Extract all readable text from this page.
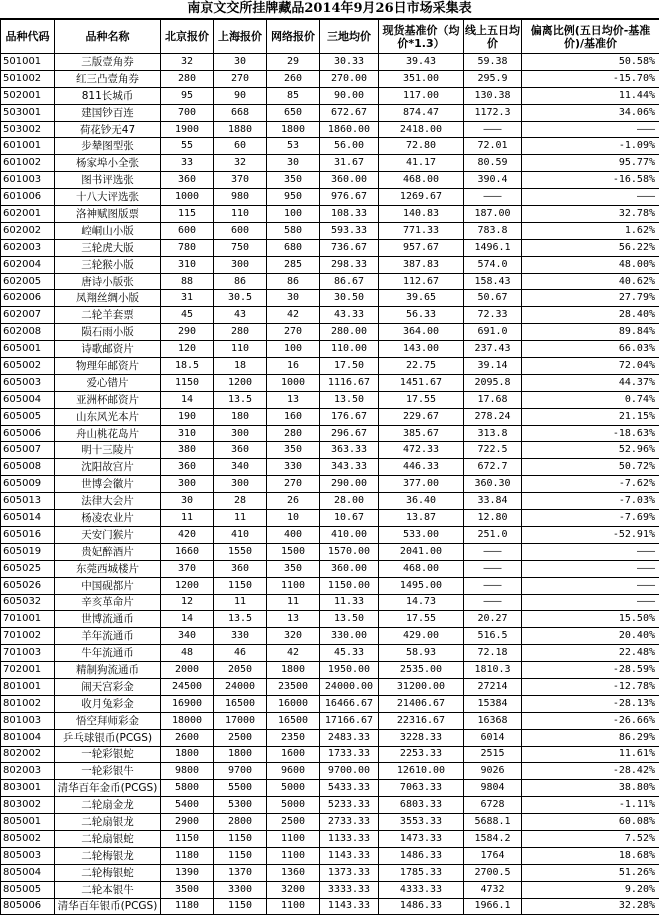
南京文交所挂牌藏品2014年9月26日市场采集表
品种代码	品种名称	北京报价	上海报价	网络报价	三地均价	现货基准价（均价*1.3）	线上五日均价	偏离比例(五日均价-基准价)/基准价
501001	三版壹角券	32	30	29	30.33	39.43	59.38	50.58%
501002	红三凸壹角券	280	270	260	270.00	351.00	295.9	-15.70%
502001	811长城币	95	90	85	90.00	117.00	130.38	11.44%
503001	建国钞百连	700	668	650	672.67	874.47	1172.3	34.06%
503002	荷花钞无47	1900	1880	1800	1860.00	2418.00	———	———
601001	步辇图型张	55	60	53	56.00	72.80	72.01	-1.09%
601002	杨家埠小全张	33	32	30	31.67	41.17	80.59	95.77%
601003	图书评选张	360	370	350	360.00	468.00	390.4	-16.58%
601006	十八大评选张	1000	980	950	976.67	1269.67	———	———
602001	洛神赋图版票	115	110	100	108.33	140.83	187.00	32.78%
602002	崆峒山小版	600	600	580	593.33	771.33	783.8	1.62%
602003	三轮虎大版	780	750	680	736.67	957.67	1496.1	56.22%
602004	三轮猴小版	310	300	285	298.33	387.83	574.0	48.00%
602005	唐诗小版张	88	86	86	86.67	112.67	158.43	40.62%
602006	凤翔丝绸小版	31	30.5	30	30.50	39.65	50.67	27.79%
602007	二轮羊套票	45	43	42	43.33	56.33	72.33	28.40%
602008	陨石雨小版	290	280	270	280.00	364.00	691.0	89.84%
605001	诗歌邮资片	120	110	100	110.00	143.00	237.43	66.03%
605002	物理年邮资片	18.5	18	16	17.50	22.75	39.14	72.04%
605003	爱心错片	1150	1200	1000	1116.67	1451.67	2095.8	44.37%
605004	亚洲杯邮资片	14	13.5	13	13.50	17.55	17.68	0.74%
605005	山东风光本片	190	180	160	176.67	229.67	278.24	21.15%
605006	舟山桃花岛片	310	300	280	296.67	385.67	313.8	-18.63%
605007	明十三陵片	380	360	350	363.33	472.33	722.5	52.96%
605008	沈阳故宫片	360	340	330	343.33	446.33	672.7	50.72%
605009	世博会徽片	300	300	270	290.00	377.00	360.30	-7.62%
605013	法律大会片	30	28	26	28.00	36.40	33.84	-7.03%
605014	杨凌农业片	11	11	10	10.67	13.87	12.80	-7.69%
605016	天安门猴片	420	410	400	410.00	533.00	251.0	-52.91%
605019	贵妃醉酒片	1660	1550	1500	1570.00	2041.00	———	———
605025	东莞西城楼片	370	360	350	360.00	468.00	———	———
605026	中国砚都片	1200	1150	1100	1150.00	1495.00	———	———
605032	辛亥革命片	12	11	11	11.33	14.73	———	———
701001	世博流通币	14	13.5	13	13.50	17.55	20.27	15.50%
701002	羊年流通币	340	330	320	330.00	429.00	516.5	20.40%
701003	牛年流通币	48	46	42	45.33	58.93	72.18	22.48%
702001	精制狗流通币	2000	2050	1800	1950.00	2535.00	1810.3	-28.59%
801001	闹天宫彩金	24500	24000	23500	24000.00	31200.00	27214	-12.78%
801002	收月兔彩金	16900	16500	16000	16466.67	21406.67	15384	-28.13%
801003	悟空拜师彩金	18000	17000	16500	17166.67	22316.67	16368	-26.66%
801004	乒乓球银币(PCGS)	2600	2500	2350	2483.33	3228.33	6014	86.29%
802002	一轮彩银蛇	1800	1800	1600	1733.33	2253.33	2515	11.61%
802003	一轮彩银牛	9800	9700	9600	9700.00	12610.00	9026	-28.42%
803001	清华百年金币(PCGS)	5800	5500	5000	5433.33	7063.33	9804	38.80%
803002	二轮扇金龙	5400	5300	5000	5233.33	6803.33	6728	-1.11%
805001	二轮扇银龙	2900	2800	2500	2733.33	3553.33	5688.1	60.08%
805002	二轮扇银蛇	1150	1150	1100	1133.33	1473.33	1584.2	7.52%
805003	二轮梅银龙	1180	1150	1100	1143.33	1486.33	1764	18.68%
805004	二轮梅银蛇	1390	1370	1360	1373.33	1785.33	2700.5	51.26%
805005	二轮本银牛	3500	3300	3200	3333.33	4333.33	4732	9.20%
805006	清华百年银币(PCGS)	1180	1150	1100	1143.33	1486.33	1966.1	32.28%
